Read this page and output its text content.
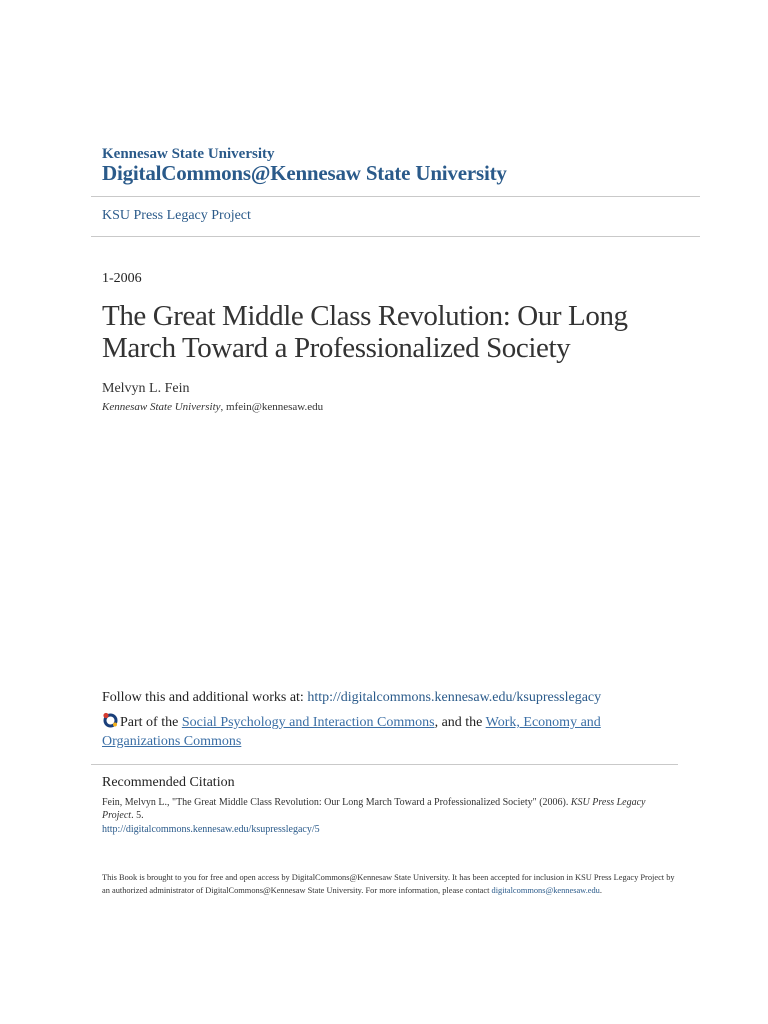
Kennesaw State University
DigitalCommons@Kennesaw State University
KSU Press Legacy Project
1-2006
The Great Middle Class Revolution: Our Long March Toward a Professionalized Society
Melvyn L. Fein
Kennesaw State University, mfein@kennesaw.edu
Follow this and additional works at: http://digitalcommons.kennesaw.edu/ksupresslegacy
Part of the Social Psychology and Interaction Commons, and the Work, Economy and Organizations Commons
Recommended Citation
Fein, Melvyn L., "The Great Middle Class Revolution: Our Long March Toward a Professionalized Society" (2006). KSU Press Legacy Project. 5.
http://digitalcommons.kennesaw.edu/ksupresslegacy/5
This Book is brought to you for free and open access by DigitalCommons@Kennesaw State University. It has been accepted for inclusion in KSU Press Legacy Project by an authorized administrator of DigitalCommons@Kennesaw State University. For more information, please contact digitalcommons@kennesaw.edu.
